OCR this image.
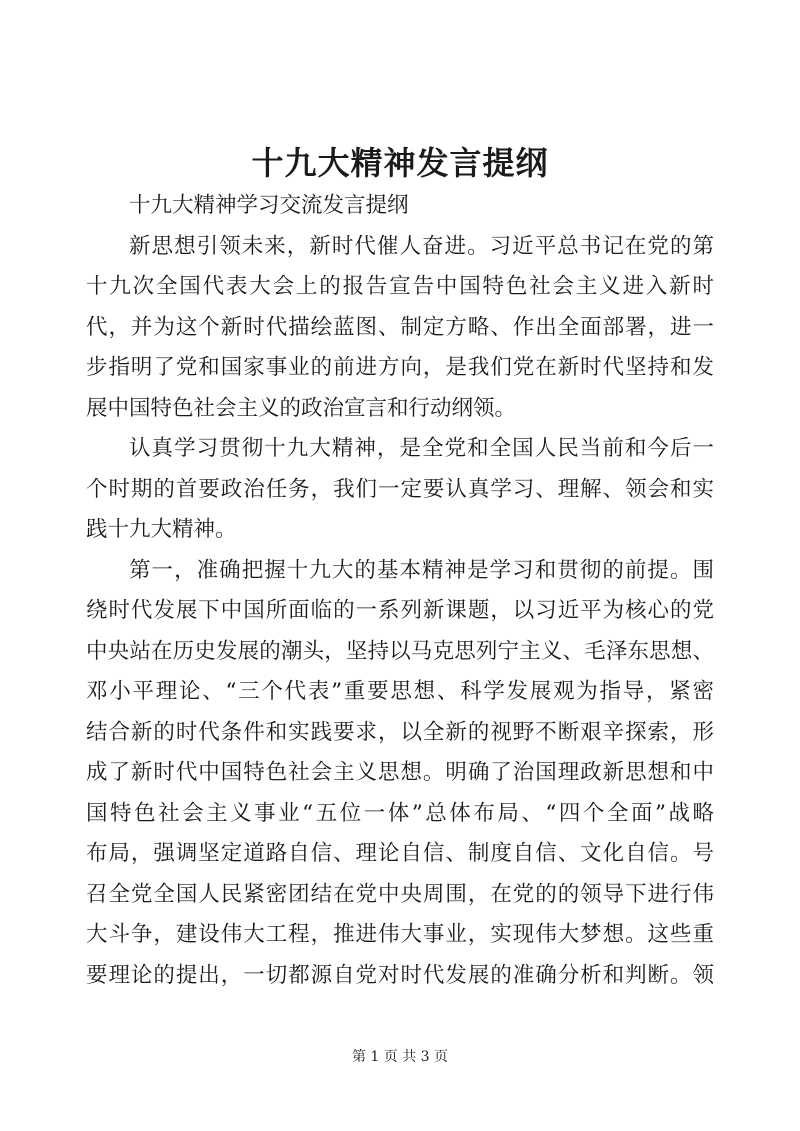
十九大精神发言提纲
十九大精神学习交流发言提纲
新思想引领未来，新时代催人奋进。习近平总书记在党的第
十九次全国代表大会上的报告宣告中国特色社会主义进入新时
代，并为这个新时代描绘蓝图、制定方略、作出全面部署，进一
步指明了党和国家事业的前进方向，是我们党在新时代坚持和发
展中国特色社会主义的政治宣言和行动纲领。
认真学习贯彻十九大精神，是全党和全国人民当前和今后一
个时期的首要政治任务，我们一定要认真学习、理解、领会和实
践十九大精神。
第一，准确把握十九大的基本精神是学习和贯彻的前提。围
绕时代发展下中国所面临的一系列新课题，以习近平为核心的党
中央站在历史发展的潮头，坚持以马克思列宁主义、毛泽东思想、
邓小平理论、“三个代表”重要思想、科学发展观为指导，紧密
结合新的时代条件和实践要求，以全新的视野不断艰辛探索，形
成了新时代中国特色社会主义思想。明确了治国理政新思想和中
国特色社会主义事业“五位一体”总体布局、“四个全面”战略
布局，强调坚定道路自信、理论自信、制度自信、文化自信。号
召全党全国人民紧密团结在党中央周围，在党的的领导下进行伟
大斗争，建设伟大工程，推进伟大事业，实现伟大梦想。这些重
要理论的提出，一切都源自党对时代发展的准确分析和判断。领
第 1 页 共 3 页
